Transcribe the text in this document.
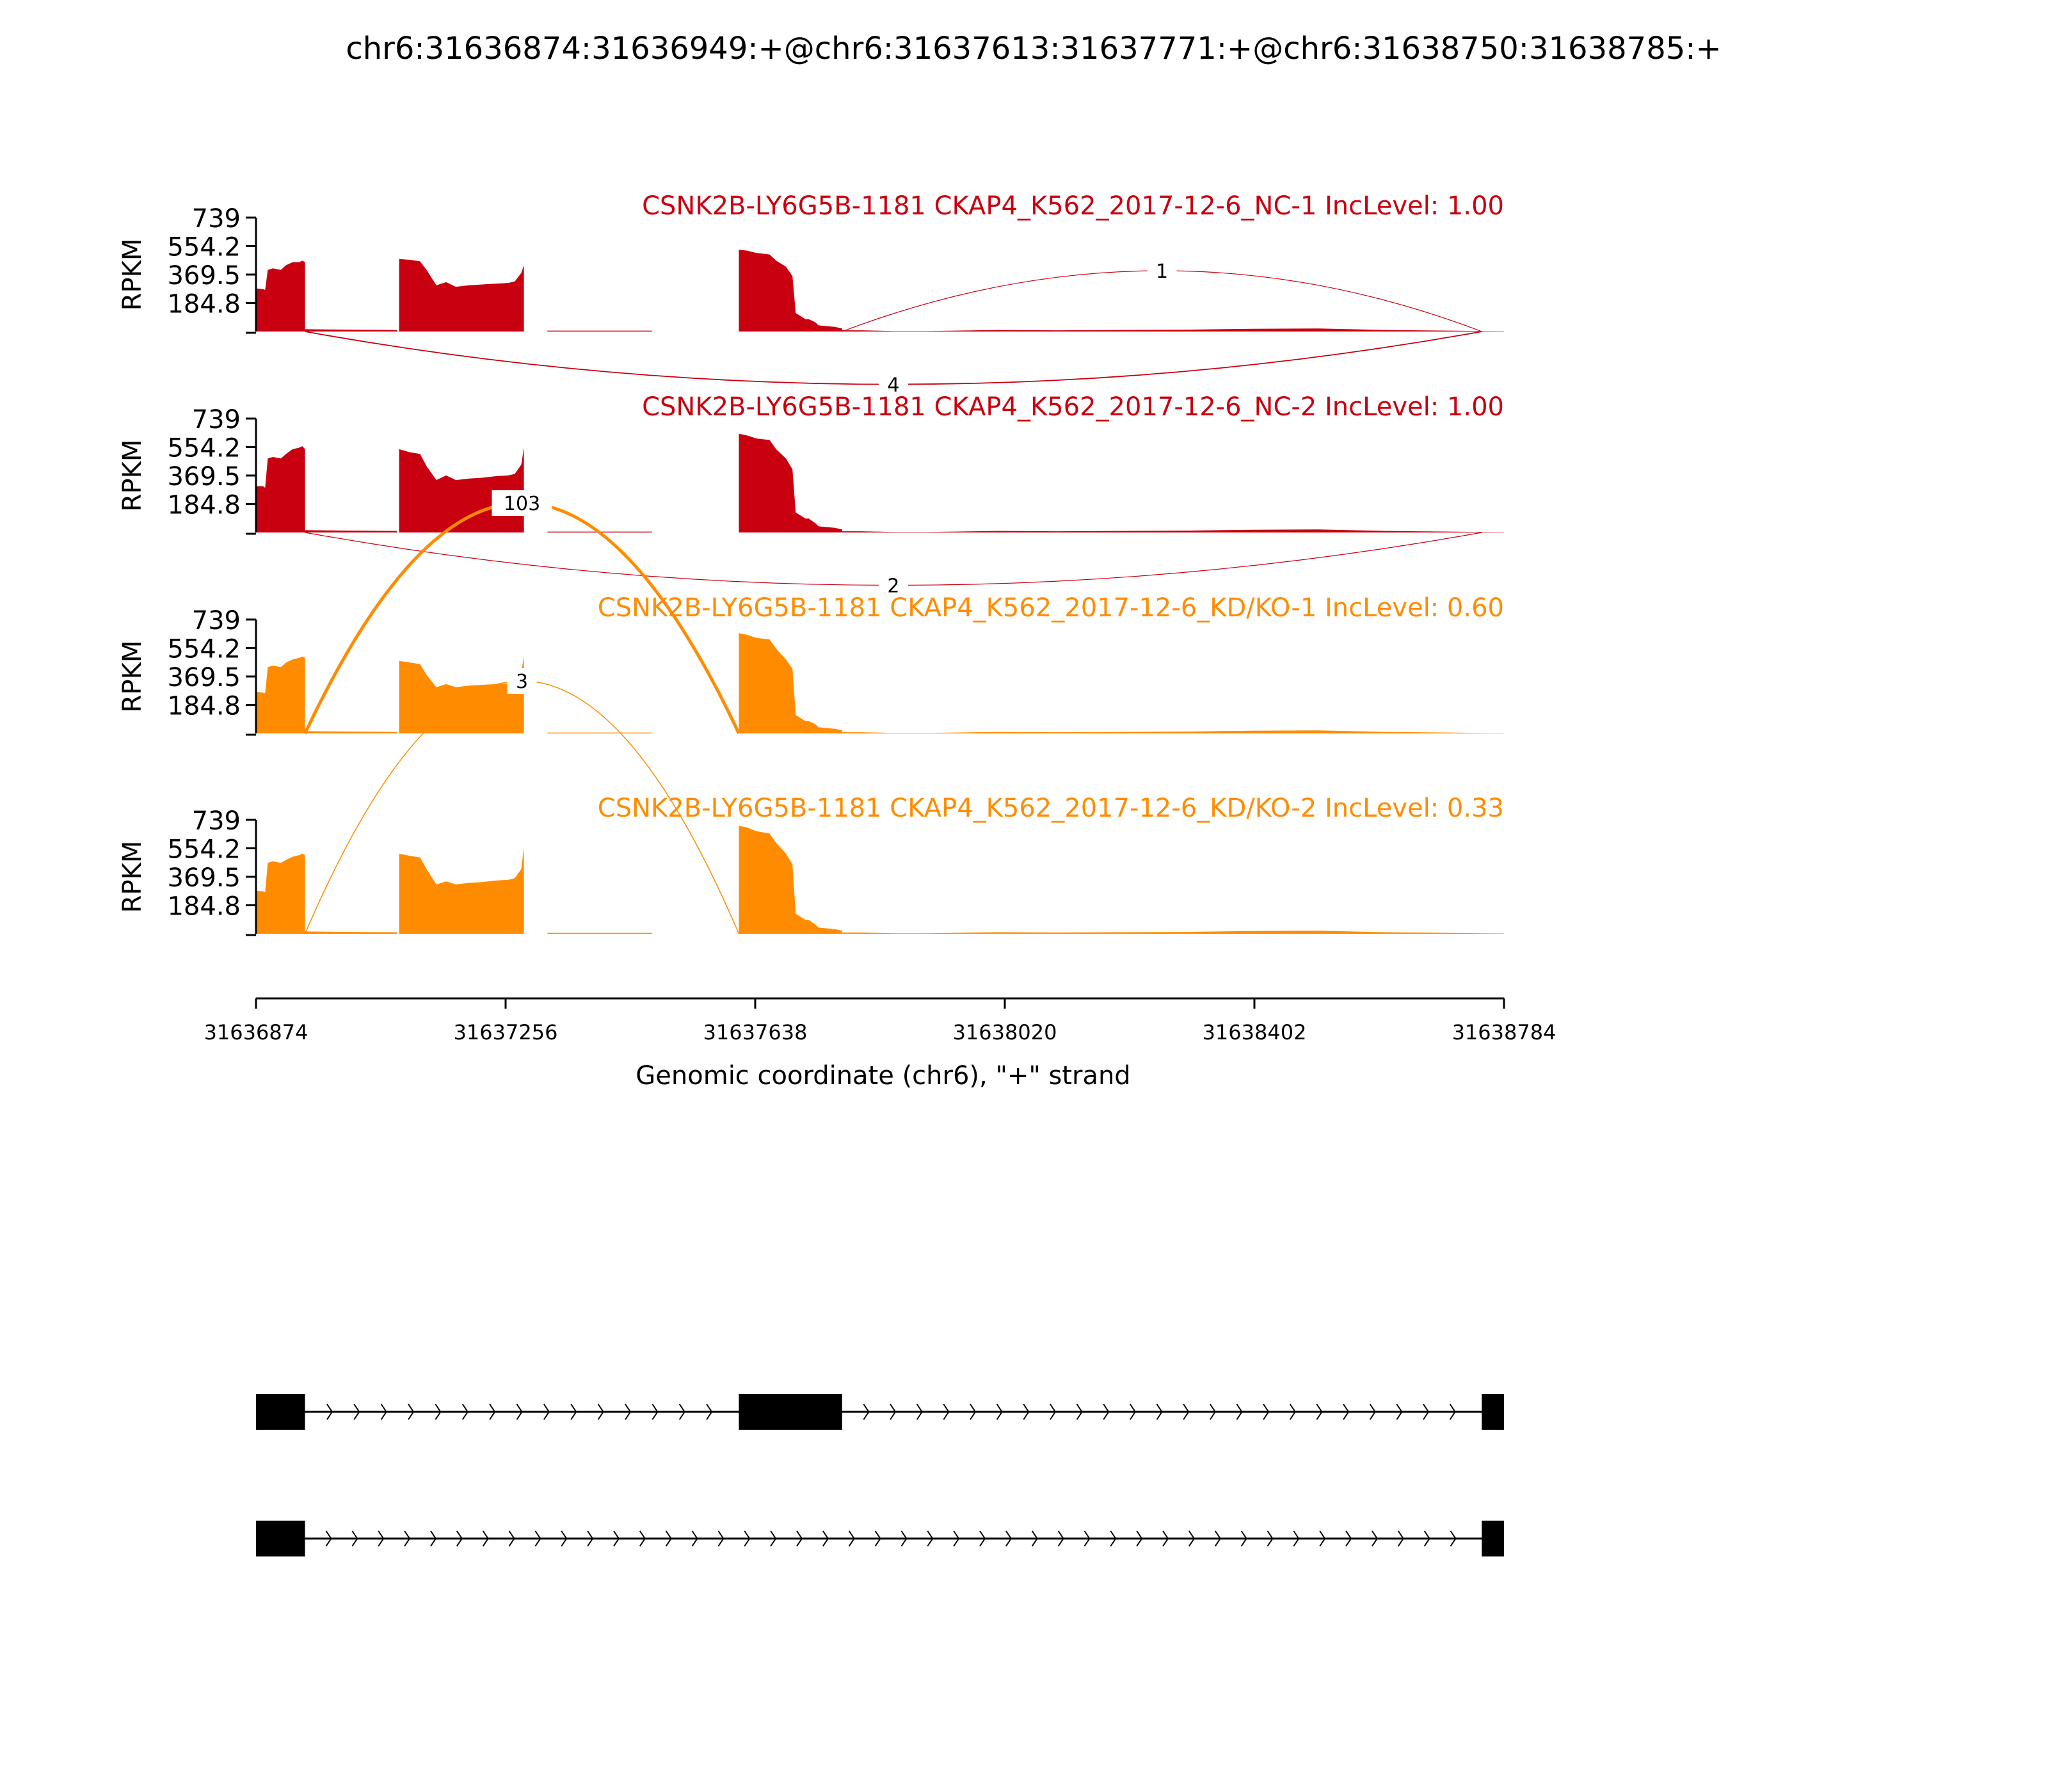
chr6:31636874:31636949:+@chr6:31637613:31637771:+@chr6:31638750:31638785:+
184.8
369.5
554.2
739
RPKM
CSNK2B-LY6G5B-1181 CKAP4_K562_2017-12-6_NC-1 IncLevel: 1.00
1
4
184.8
369.5
554.2
739
RPKM
CSNK2B-LY6G5B-1181 CKAP4_K562_2017-12-6_NC-2 IncLevel: 1.00
2
184.8
369.5
554.2
739
RPKM
CSNK2B-LY6G5B-1181 CKAP4_K562_2017-12-6_KD/KO-1 IncLevel: 0.60
103
184.8
369.5
554.2
739
RPKM
CSNK2B-LY6G5B-1181 CKAP4_K562_2017-12-6_KD/KO-2 IncLevel: 0.33
3
Genomic coordinate (chr6), "+" strand
31636874	31637256	31637638	31638020	31638402	31638784
